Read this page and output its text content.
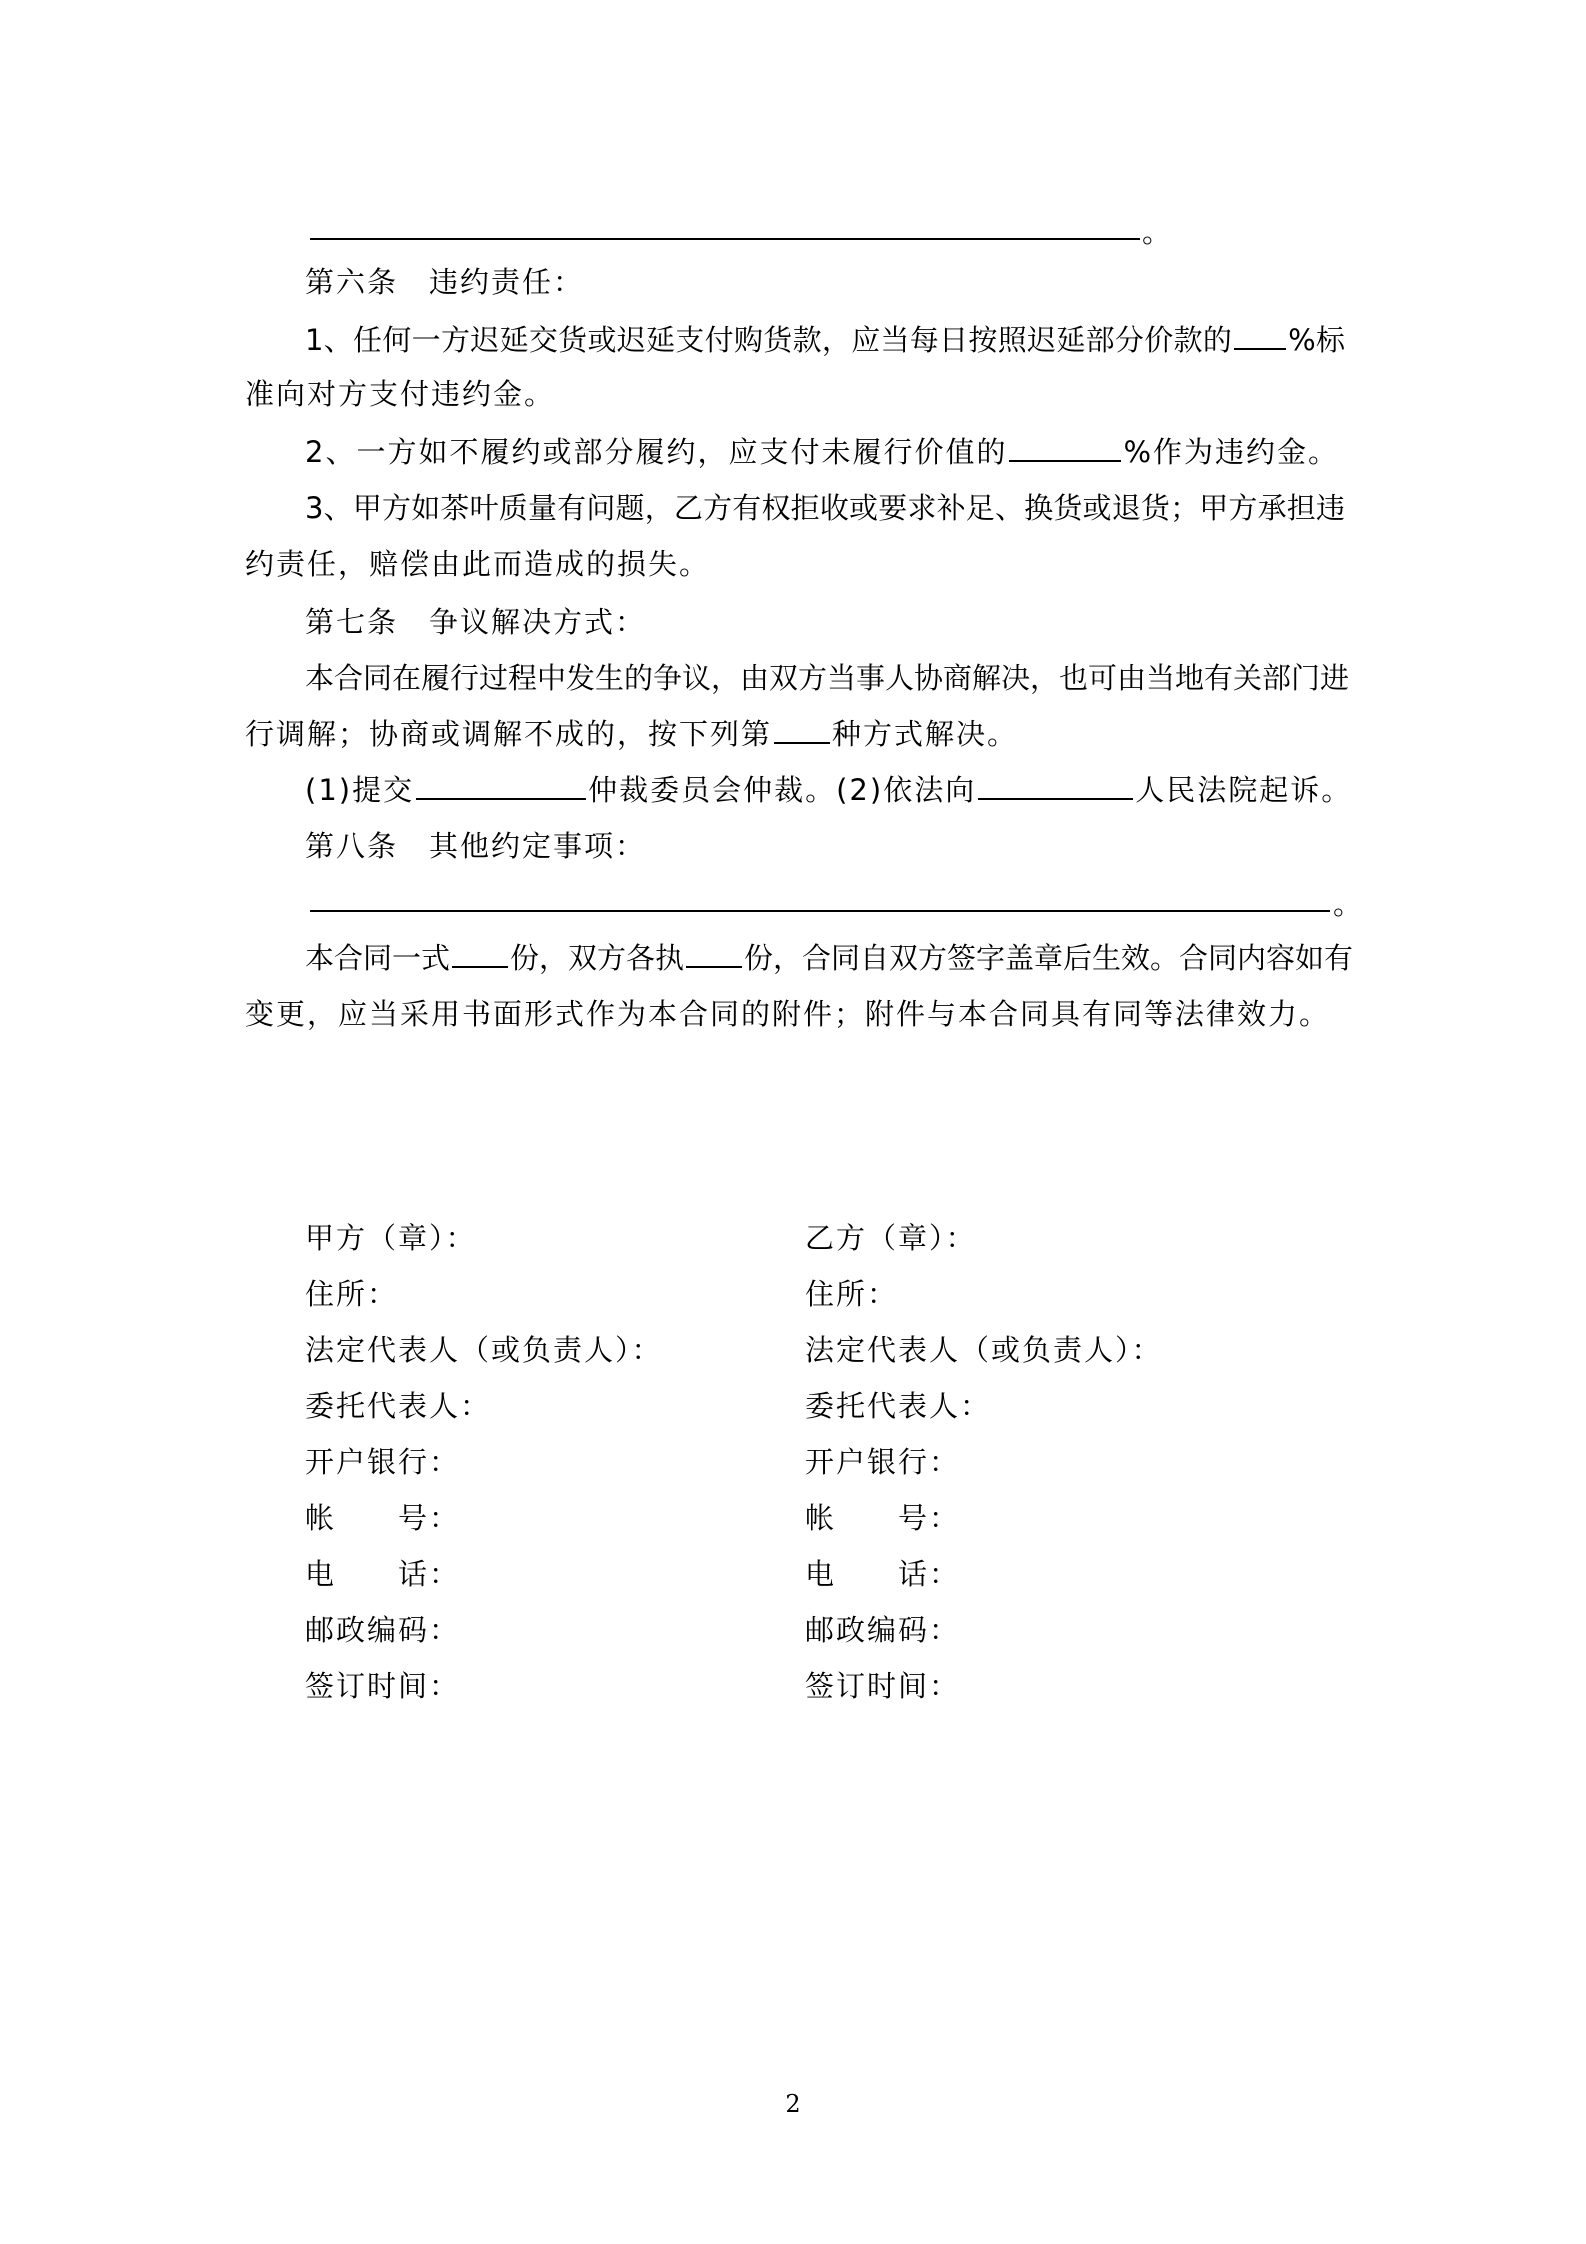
。
第六条　违约责任：
1、任何一方迟延交货或迟延支付购货款，应当每日按照迟延部分价款的 %标
准向对方支付违约金。
2、一方如不履约或部分履约，应支付未履行价值的	%作为违约金。
3、甲方如茶叶质量有问题，乙方有权拒收或要求补足、换货或退货；甲方承担违
约责任，赔偿由此而造成的损失。
第七条　争议解决方式：
本合同在履行过程中发生的争议，由双方当事人协商解决，也可由当地有关部门进
行调解；协商或调解不成的，按下列第 种方式解决。
(1)提交	仲裁委员会仲裁。(2)依法向	人民法院起诉。
第八条　其他约定事项：
。
本合同一式 份，双方各执 份，合同自双方签字盖章后生效。合同内容如有
变更，应当采用书面形式作为本合同的附件；附件与本合同具有同等法律效力。
甲方（章）：
住所：
法定代表人（或负责人）：
委托代表人：
开户银行：
帐　　号：
电　　话：
邮政编码：
签订时间：
乙方（章）：
住所：
法定代表人（或负责人）：
委托代表人：
开户银行：
帐　　号：
电　　话：
邮政编码：
签订时间：
2
